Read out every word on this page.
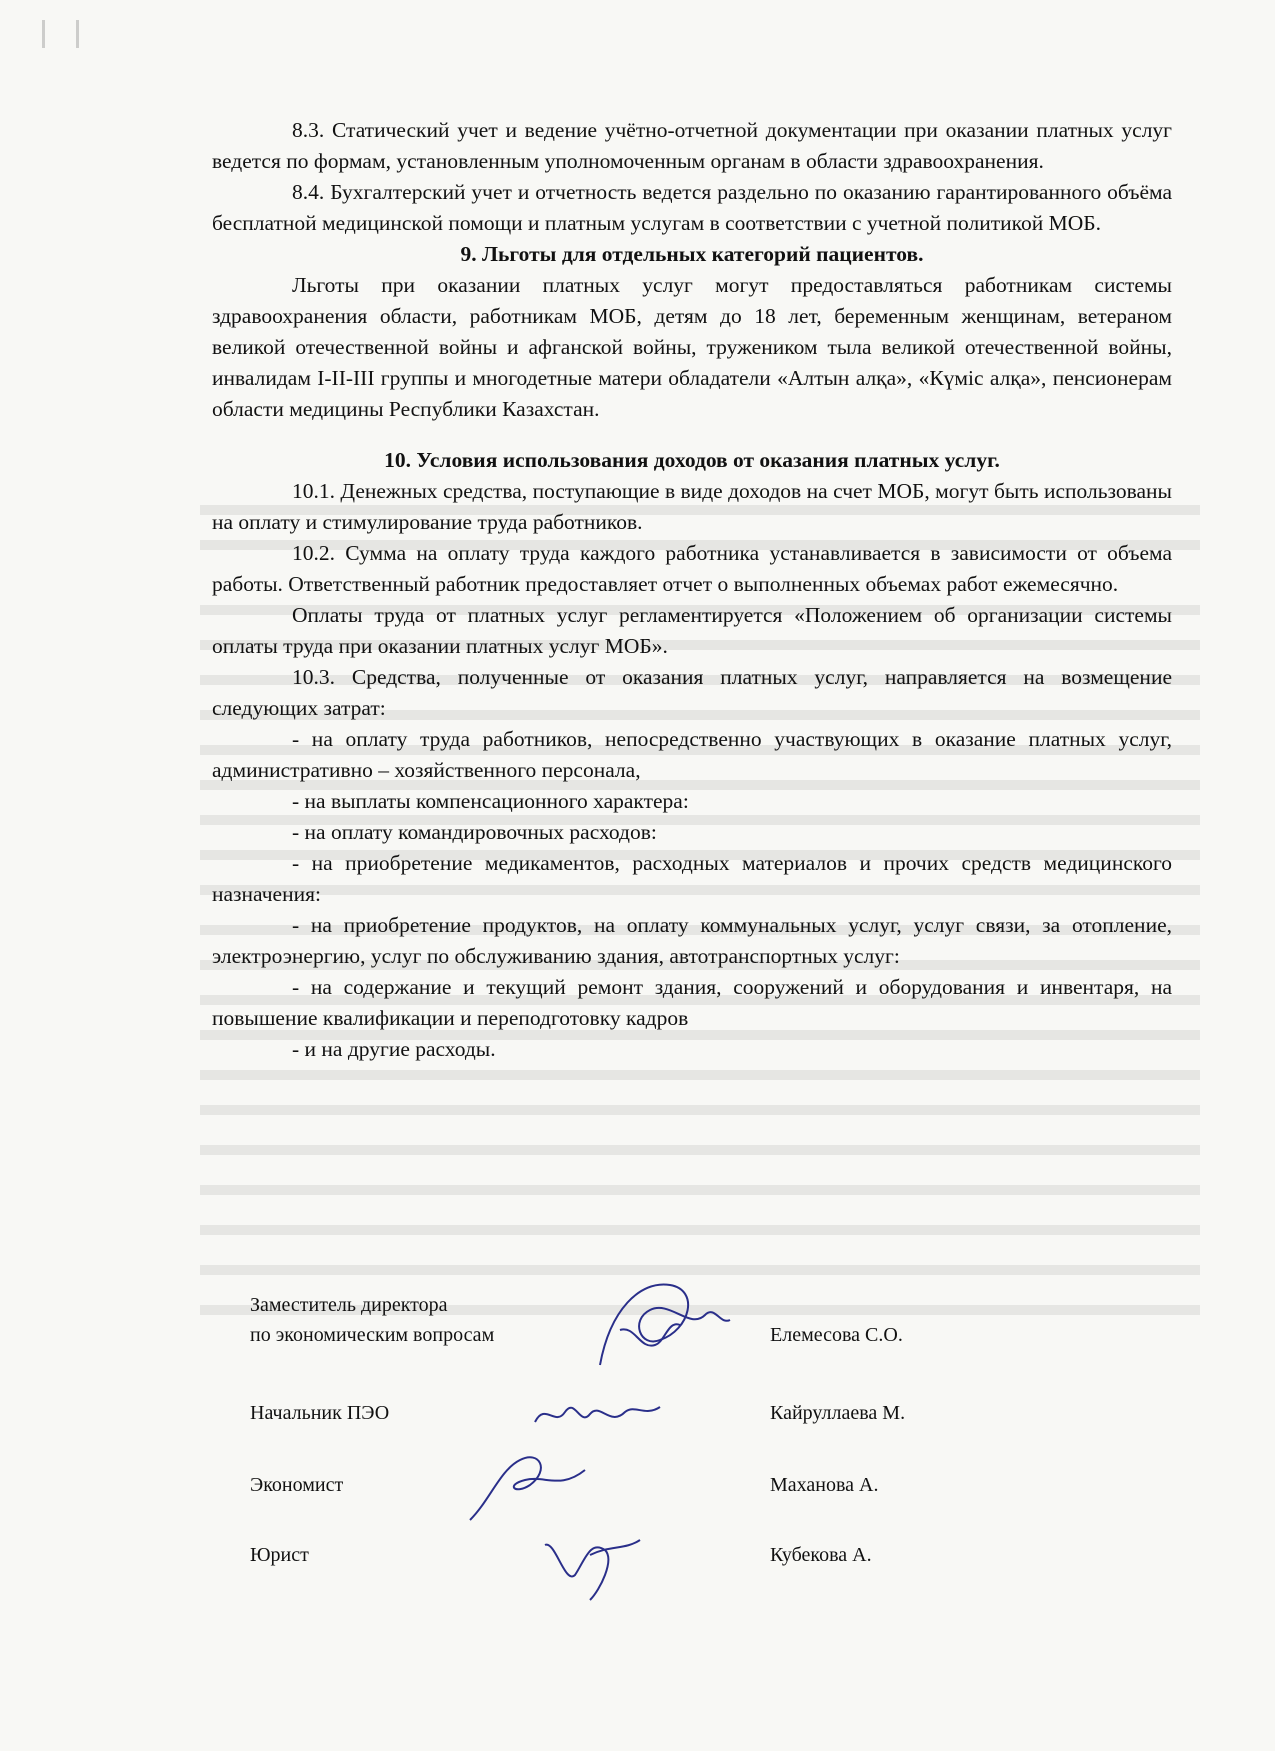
8.3. Статический учет и ведение учётно-отчетной документации при оказании платных услуг ведется по формам, установленным уполномоченным органам в области здравоохранения.

8.4. Бухгалтерский учет и отчетность ведется раздельно по оказанию гарантированного объёма бесплатной медицинской помощи и платным услугам в соответствии с учетной политикой МОБ.

9. Льготы для отдельных категорий пациентов.

Льготы при оказании платных услуг могут предоставляться работникам системы здравоохранения области, работникам МОБ, детям до 18 лет, беременным женщинам, ветераном великой отечественной войны и афганской войны, тружеником тыла великой отечественной войны, инвалидам I-II-III группы и многодетные матери обладатели «Алтын алқа», «Күміс алқа», пенсионерам области медицины Республики Казахстан.

10. Условия использования доходов от оказания платных услуг.

10.1. Денежных средства, поступающие в виде доходов на счет МОБ, могут быть использованы на оплату и стимулирование труда работников.

10.2. Сумма на оплату труда каждого работника устанавливается в зависимости от объема работы. Ответственный работник предоставляет отчет о выполненных объемах работ ежемесячно.

Оплаты труда от платных услуг регламентируется «Положением об организации системы оплаты труда при оказании платных услуг МОБ».

10.3. Средства, полученные от оказания платных услуг, направляется на возмещение следующих затрат:

- на оплату труда работников, непосредственно участвующих в оказание платных услуг, административно – хозяйственного персонала,

- на выплаты компенсационного характера:

- на оплату командировочных расходов:

- на приобретение медикаментов, расходных материалов и прочих средств медицинского назначения:

- на приобретение продуктов, на оплату коммунальных услуг, услуг связи, за отопление, электроэнергию, услуг по обслуживанию здания, автотранспортных услуг:

- на содержание и текущий ремонт здания, сооружений и оборудования и инвентаря, на повышение квалификации и переподготовку кадров

- и на другие расходы.

Заместитель директора
по экономическим вопросам	Елемесова С.О.
Начальник ПЭО	Кайруллаева М.
Экономист	Маханова А.
Юрист	Кубекова А.
